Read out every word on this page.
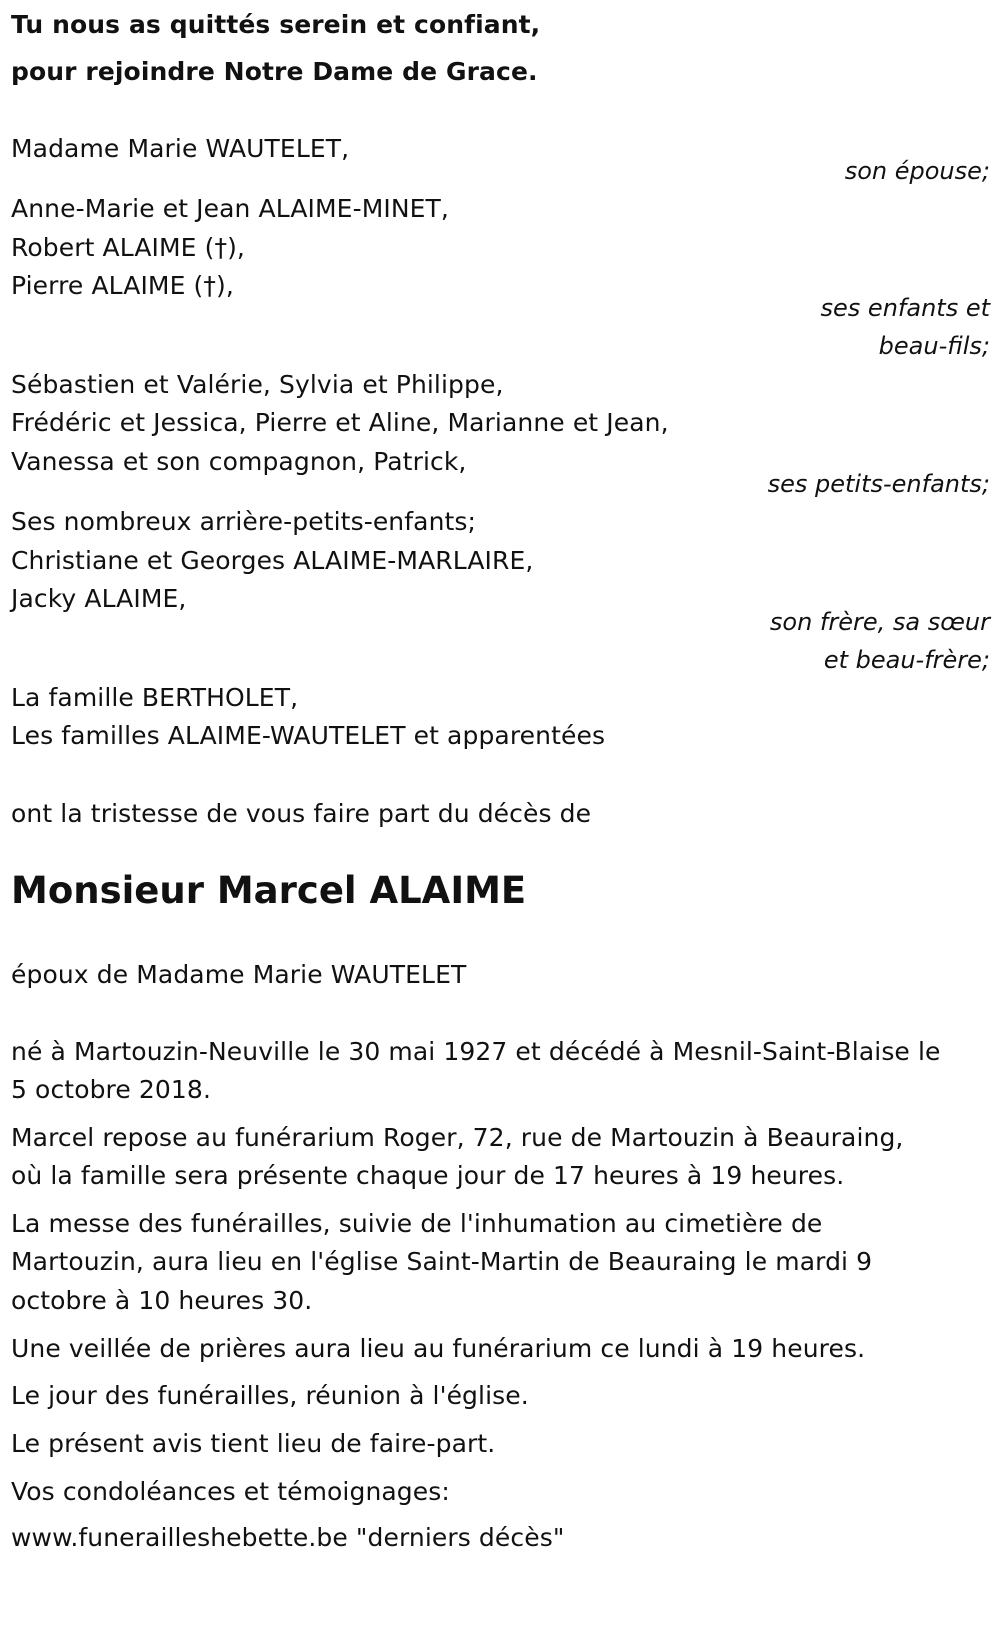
Tu nous as quittés serein et confiant,
pour rejoindre Notre Dame de Grace.
Madame Marie WAUTELET,
son épouse;
Anne-Marie et Jean ALAIME-MINET,
Robert ALAIME (†),
Pierre ALAIME (†),
ses enfants et
beau-fils;
Sébastien et Valérie, Sylvia et Philippe,
Frédéric et Jessica, Pierre et Aline, Marianne et Jean,
Vanessa et son compagnon, Patrick,
ses petits-enfants;
Ses nombreux arrière-petits-enfants;
Christiane et Georges ALAIME-MARLAIRE,
Jacky ALAIME,
son frère, sa sœur
et beau-frère;
La famille BERTHOLET,
Les familles ALAIME-WAUTELET et apparentées
ont la tristesse de vous faire part du décès de
Monsieur Marcel ALAIME
époux de Madame Marie WAUTELET
né à Martouzin-Neuville le 30 mai 1927 et décédé à Mesnil-Saint-Blaise le
5 octobre 2018.
Marcel repose au funérarium Roger, 72, rue de Martouzin à Beauraing,
où la famille sera présente chaque jour de 17 heures à 19 heures.
La messe des funérailles, suivie de l'inhumation au cimetière de
Martouzin, aura lieu en l'église Saint-Martin de Beauraing le mardi 9
octobre à 10 heures 30.
Une veillée de prières aura lieu au funérarium ce lundi à 19 heures.
Le jour des funérailles, réunion à l'église.
Le présent avis tient lieu de faire-part.
Vos condoléances et témoignages:
www.funerailleshebette.be "derniers décès"
